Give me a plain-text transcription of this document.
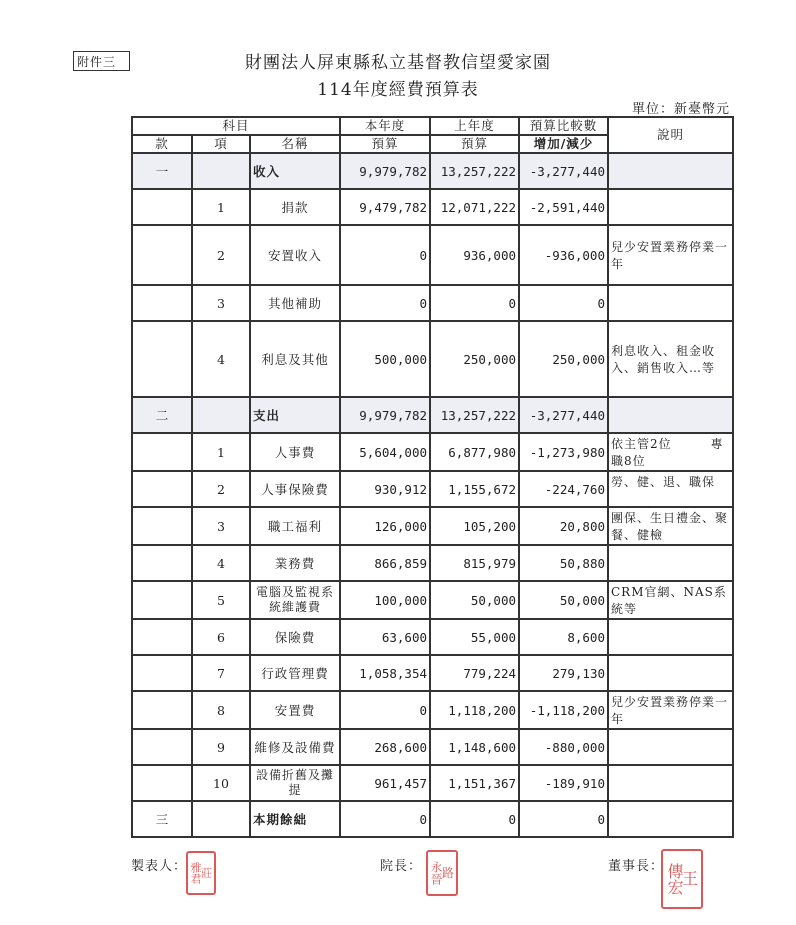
附件三	財團法人屏東縣私立基督教信望愛家園
114年度經費預算表
單位：新臺幣元
科目			本年度	上年度	預算比較數	說明
款	項	名稱	預算	預算	增加/減少	
一		收入	9,979,782	13,257,222	-3,277,440	
	1	捐款	9,479,782	12,071,222	-2,591,440	
	2	安置收入	0	936,000	-936,000	兒少安置業務停業一年
	3	其他補助	0	0	0	
	4	利息及其他	500,000	250,000	250,000	利息收入、租金收入、銷售收入…等
二		支出	9,979,782	13,257,222	-3,277,440	
	1	人事費	5,604,000	6,877,980	-1,273,980	依主管2位　　　專職8位
	2	人事保險費	930,912	1,155,672	-224,760	勞、健、退、職保
	3	職工福利	126,000	105,200	20,800	團保、生日禮金、聚餐、健檢
	4	業務費	866,859	815,979	50,880	
	5	電腦及監視系統維護費	100,000	50,000	50,000	CRM官網、NAS系統等
	6	保險費	63,600	55,000	8,600	
	7	行政管理費	1,058,354	779,224	279,130	
	8	安置費	0	1,118,200	-1,118,200	兒少安置業務停業一年
	9	維修及設備費	268,600	1,148,600	-880,000	
	10	設備折舊及攤提	961,457	1,151,367	-189,910	
三		本期餘絀	0	0	0	
製表人： 莊
雅君	院長： 路
永晉	董事長：
王
傳宏
